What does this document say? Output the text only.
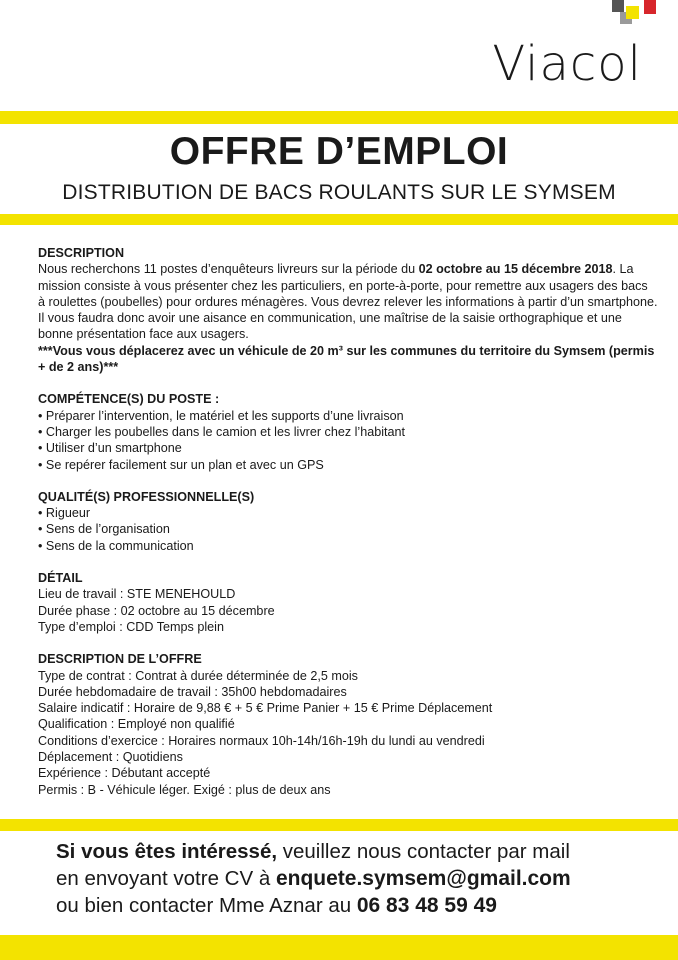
Viacol
OFFRE D’EMPLOI
DISTRIBUTION DE BACS ROULANTS SUR LE SYMSEM
DESCRIPTION

Nous recherchons 11 postes d’enquêteurs livreurs sur la période du 02 octobre au 15 décembre 2018. La mission consiste à vous présenter chez les particuliers, en porte-à-porte, pour remettre aux usagers des bacs à roulettes (poubelles) pour ordures ménagères. Vous devrez relever les informations à partir d’un smartphone. Il vous faudra donc avoir une aisance en communication, une maîtrise de la saisie orthographique et une bonne présentation face aux usagers.

***Vous vous déplacerez avec un véhicule de 20 m³ sur les communes du territoire du Symsem (permis + de 2 ans)***

COMPÉTENCE(S) DU POSTE :
• Préparer l’intervention, le matériel et les supports d’une livraison
• Charger les poubelles dans le camion et les livrer chez l’habitant
• Utiliser d’un smartphone
• Se repérer facilement sur un plan et avec un GPS
QUALITÉ(S) PROFESSIONNELLE(S)
• Rigueur
• Sens de l’organisation
• Sens de la communication
DÉTAIL

Lieu de travail : STE MENEHOULD

Durée phase : 02 octobre au 15 décembre

Type d’emploi : CDD Temps plein

DESCRIPTION DE L’OFFRE

Type de contrat : Contrat à durée déterminée de 2,5 mois

Durée hebdomadaire de travail : 35h00 hebdomadaires

Salaire indicatif : Horaire de 9,88 € + 5 € Prime Panier + 15 € Prime Déplacement

Qualification : Employé non qualifié

Conditions d’exercice : Horaires normaux 10h-14h/16h-19h du lundi au vendredi

Déplacement : Quotidiens

Expérience : Débutant accepté

Permis : B - Véhicule léger. Exigé : plus de deux ans

Si vous êtes intéressé, veuillez nous contacter par mail
en envoyant votre CV à enquete.symsem@gmail.com
ou bien contacter Mme Aznar au 06 83 48 59 49
